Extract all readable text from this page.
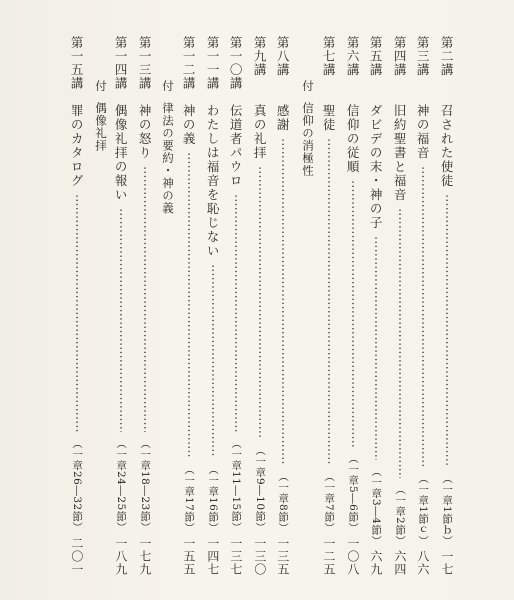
第二講
召された使徒
（一章1節ｂ）
一七
第三講
神の福音
（一章1節ｃ）
八六
第四講
旧約聖書と福音
（一章2節）
六四
第五講
ダビデの末・神の子
（一章3―4節）
六九
第六講
信仰の従順
（一章5―6節）
一〇八
第七講
聖徒
（一章7節）
一二五
付
信仰の消極性
第八講
感謝
（一章8節）
一三五
第九講
真の礼拝
（一章9―10節）
一三〇
第一〇講
伝道者パウロ
（一章11―15節）
一三七
第一一講
わたしは福音を恥じない
（一章16節）
一四七
第一二講
神の義
（一章17節）
一五五
付
律法の要約・神の義
第一三講
神の怒り
（一章18―23節）
一七九
第一四講
偶像礼拝の報い
（一章24―25節）
一八九
付
偶像礼拝
第一五講
罪のカタログ
（一章26―32節）
二〇一
